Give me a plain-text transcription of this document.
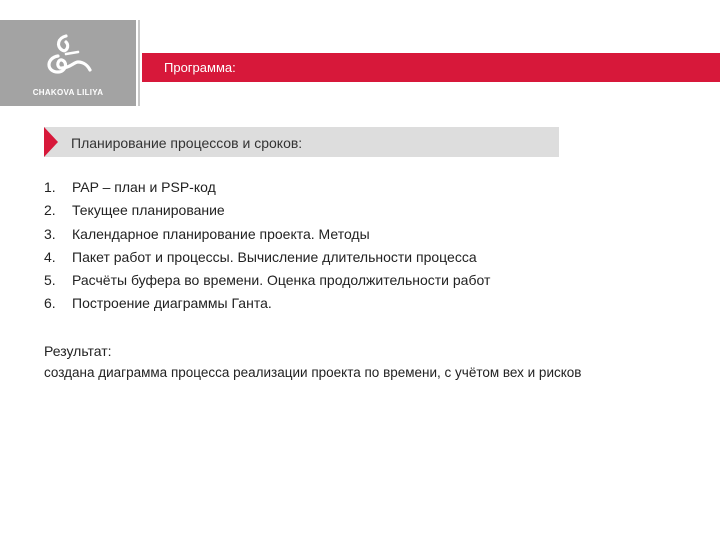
CHAKOVA LILIYA
Программа:
Планирование процессов и сроков:
1. PAP – план и PSP-код
2. Текущее планирование
3. Календарное планирование проекта. Методы
4. Пакет работ и процессы. Вычисление длительности процесса
5. Расчёты буфера во времени. Оценка продолжительности работ
6. Построение диаграммы Ганта.
Результат:
создана диаграмма процесса реализации проекта по времени, с учётом вех и рисков
